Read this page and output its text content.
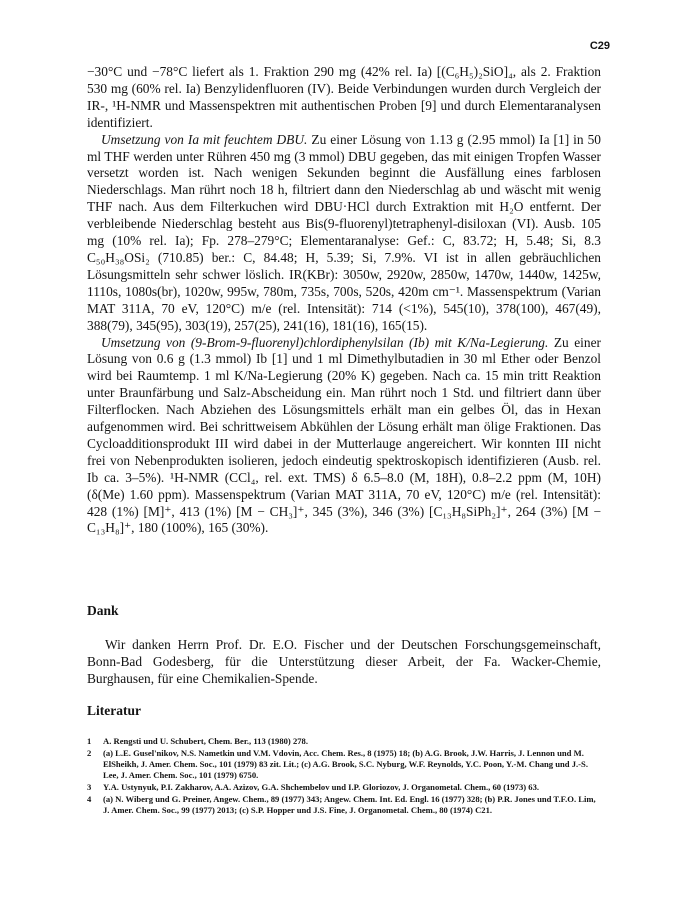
C29

−30°C und −78°C liefert als 1. Fraktion 290 mg (42% rel. Ia) [(C₆H₅)₂SiO]₄, als 2. Fraktion 530 mg (60% rel. Ia) Benzylidenfluoren (IV). Beide Verbindungen wurden durch Vergleich der IR-, ¹H-NMR und Massenspektren mit authentischen Proben [9] und durch Elementaranalysen identifiziert.

Umsetzung von Ia mit feuchtem DBU. Zu einer Lösung von 1.13 g (2.95 mmol) Ia [1] in 50 ml THF werden unter Rühren 450 mg (3 mmol) DBU gegeben, das mit einigen Tropfen Wasser versetzt worden ist. Nach wenigen Sekunden beginnt die Ausfällung eines farblosen Niederschlags. Man rührt noch 18 h, filtriert dann den Niederschlag ab und wäscht mit wenig THF nach. Aus dem Filterkuchen wird DBU·HCl durch Extraktion mit H₂O entfernt. Der verbleibende Niederschlag besteht aus Bis(9-fluorenyl)tetraphenyl-disiloxan (VI). Ausb. 105 mg (10% rel. Ia); Fp. 278–279°C; Elementaranalyse: Gef.: C, 83.72; H, 5.48; Si, 8.3 C₅₀H₃₈OSi₂ (710.85) ber.: C, 84.48; H, 5.39; Si, 7.9%. VI ist in allen gebräuchlichen Lösungsmitteln sehr schwer löslich. IR(KBr): 3050w, 2920w, 2850w, 1470w, 1440w, 1425w, 1110s, 1080s(br), 1020w, 995w, 780m, 735s, 700s, 520s, 420m cm⁻¹. Massenspektrum (Varian MAT 311A, 70 eV, 120°C) m/e (rel. Intensität): 714 (<1%), 545(10), 378(100), 467(49), 388(79), 345(95), 303(19), 257(25), 241(16), 181(16), 165(15).

Umsetzung von (9-Brom-9-fluorenyl)chlordiphenylsilan (Ib) mit K/Na-Legierung. Zu einer Lösung von 0.6 g (1.3 mmol) Ib [1] und 1 ml Dimethylbutadien in 30 ml Ether oder Benzol wird bei Raumtemp. 1 ml K/Na-Legierung (20% K) gegeben. Nach ca. 15 min tritt Reaktion unter Braunfärbung und Salz-Abscheidung ein. Man rührt noch 1 Std. und filtriert dann über Filterflocken. Nach Abziehen des Lösungsmittels erhält man ein gelbes Öl, das in Hexan aufgenommen wird. Bei schrittweisem Abkühlen der Lösung erhält man ölige Fraktionen. Das Cycloadditionsprodukt III wird dabei in der Mutterlauge angereichert. Wir konnten III nicht frei von Nebenprodukten isolieren, jedoch eindeutig spektroskopisch identifizieren (Ausb. rel. Ib ca. 3–5%). ¹H-NMR (CCl₄, rel. ext. TMS) δ 6.5–8.0 (M, 18H), 0.8–2.2 ppm (M, 10H) (δ(Me) 1.60 ppm). Massenspektrum (Varian MAT 311A, 70 eV, 120°C) m/e (rel. Intensität): 428 (1%) [M]⁺, 413 (1%) [M − CH₃]⁺, 345 (3%), 346 (3%) [C₁₃H₈SiPh₂]⁺, 264 (3%) [M − C₁₃H₈]⁺, 180 (100%), 165 (30%).

Dank

Wir danken Herrn Prof. Dr. E.O. Fischer und der Deutschen Forschungsgemeinschaft, Bonn-Bad Godesberg, für die Unterstützung dieser Arbeit, der Fa. Wacker-Chemie, Burghausen, für eine Chemikalien-Spende.

Literatur
1	A. Rengsti und U. Schubert, Chem. Ber., 113 (1980) 278.
2	(a) L.E. Gusel'nikov, N.S. Nametkin und V.M. Vdovin, Acc. Chem. Res., 8 (1975) 18; (b) A.G. Brook, J.W. Harris, J. Lennon und M. ElSheikh, J. Amer. Chem. Soc., 101 (1979) 83 zit. Lit.; (c) A.G. Brook, S.C. Nyburg, W.F. Reynolds, Y.C. Poon, Y.-M. Chang und J.-S. Lee, J. Amer. Chem. Soc., 101 (1979) 6750.
3	Y.A. Ustynyuk, P.I. Zakharov, A.A. Azizov, G.A. Shchembelov und I.P. Gloriozov, J. Organometal. Chem., 60 (1973) 63.
4	(a) N. Wiberg und G. Preiner, Angew. Chem., 89 (1977) 343; Angew. Chem. Int. Ed. Engl. 16 (1977) 328; (b) P.R. Jones und T.F.O. Lim, J. Amer. Chem. Soc., 99 (1977) 2013; (c) S.P. Hopper und J.S. Fine, J. Organometal. Chem., 80 (1974) C21.
